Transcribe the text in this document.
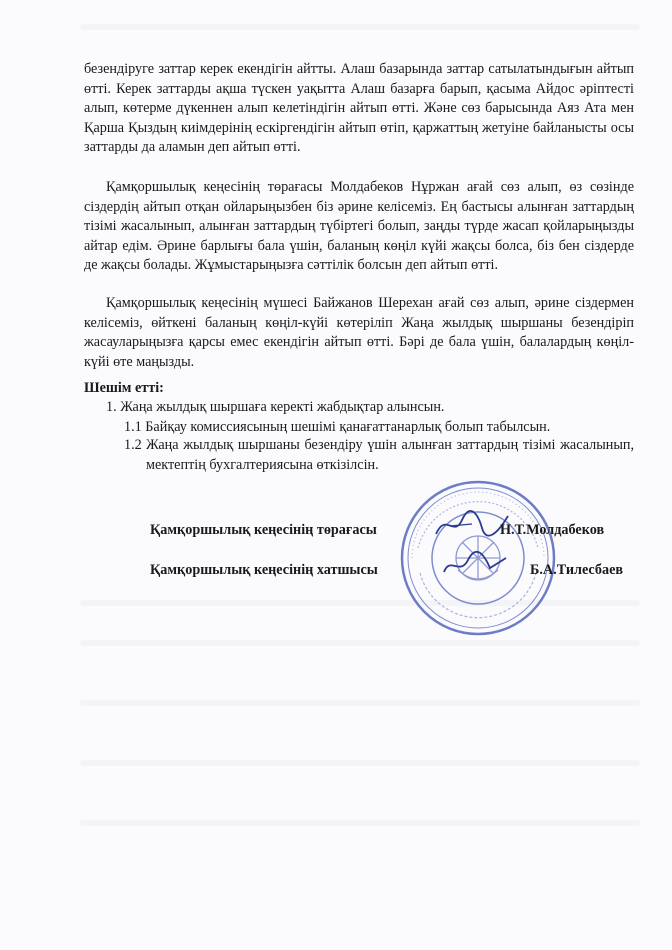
безендіруге заттар керек екендігін айтты. Алаш базарында заттар сатылатындығын айтып өтті. Керек заттарды ақша түскен уақытта Алаш базарға барып, қасыма Айдос әріптесті алып, көтерме дүкеннен алып келетіндігін айтып өтті. Және сөз барысында Аяз Ата мен Қарша Қыздың киімдерінің ескіргендігін айтып өтіп, қаржаттың жетуіне байланысты осы заттарды да аламын деп айтып өтті.
Қамқоршылық кеңесінің төрағасы Молдабеков Нұржан ағай сөз алып, өз сөзінде сіздердің айтып отқан ойларыңызбен біз әрине келісеміз. Ең бастысы алынған заттардың тізімі жасалынып, алынған заттардың түбіртегі болып, заңды түрде жасап қойларыңызды айтар едім. Әрине барлығы бала үшін, баланың көңіл күйі жақсы болса, біз бен сіздерде де жақсы болады. Жұмыстарыңызға сәттілік болсын деп айтып өтті.
Қамқоршылық кеңесінің мүшесі Байжанов Шерехан ағай сөз алып, әрине сіздермен келісеміз, өйткені баланың көңіл-күйі көтеріліп Жаңа жылдық шыршаны безендіріп жасауларыңызға қарсы емес екендігін айтып өтті. Бәрі де бала үшін, балалардың көңіл-күйі өте маңызды.
Шешім етті:
1. Жаңа жылдық шыршаға керекті жабдықтар алынсын.
1.1 Байқау комиссиясының шешімі қанағаттанарлық болып табылсын.
1.2 Жаңа жылдық шыршаны безендіру үшін алынған заттардың тізімі жасалынып, мектептің бухгалтериясына өткізілсін.
Қамқоршылық кеңесінің төрағасы	Н.Т.Молдабеков
Қамқоршылық кеңесінің хатшысы	Б.А.Тилесбаев
